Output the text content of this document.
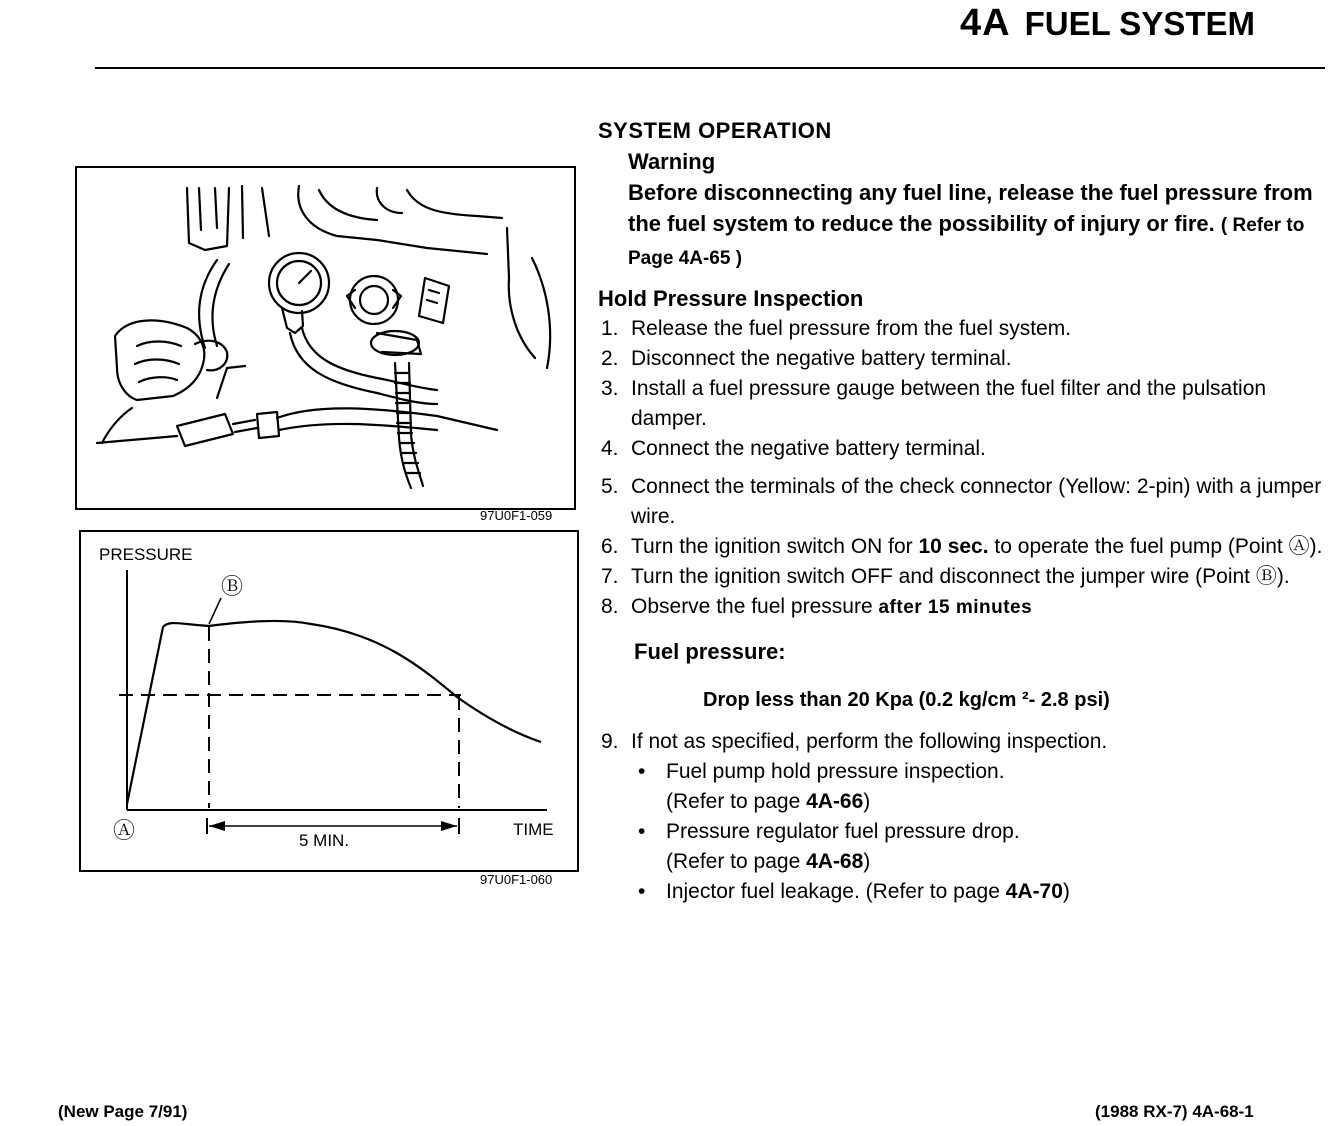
4A FUEL SYSTEM
97U0F1-059
PRESSURE
Ⓑ
Ⓐ	5 MIN.
TIME
97U0F1-060
SYSTEM OPERATION
Warning
Before disconnecting any fuel line, release the fuel pressure from the fuel system to reduce the possibility of injury or fire. ( Refer to Page 4A-65 )
Hold Pressure Inspection
1. Release the fuel pressure from the fuel system.
2. Disconnect the negative battery terminal.
3. Install a fuel pressure gauge between the fuel filter and the pulsation damper.
4. Connect the negative battery terminal.
5. Connect the terminals of the check connector (Yellow: 2-pin) with a jumper wire.
6. Turn the ignition switch ON for 10 sec. to operate the fuel pump (Point Ⓐ).
7. Turn the ignition switch OFF and disconnect the jumper wire (Point Ⓑ).
8. Observe the fuel pressure after 15 minutes
Fuel pressure:
Drop less than 20 Kpa (0.2 kg/cm ²- 2.8 psi)
9. If not as specified, perform the following inspection.
• Fuel pump hold pressure inspection.
(Refer to page 4A-66)
• Pressure regulator fuel pressure drop.
(Refer to page 4A-68)
• Injector fuel leakage. (Refer to page 4A-70)
(New Page 7/91)	(1988 RX-7) 4A-68-1
